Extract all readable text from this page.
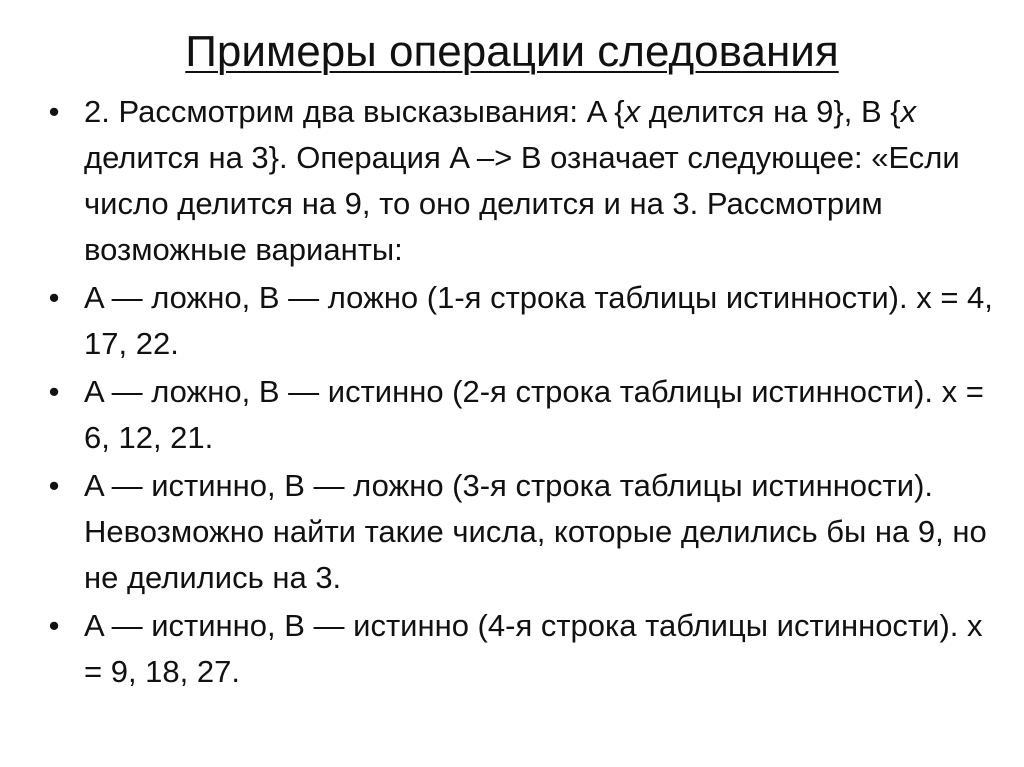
Примеры операции следования
• 2. Рассмотрим два высказывания: A {x делится на 9}, B {x делится на 3}. Операция A –> B означает следующее: «Если число делится на 9, то оно делится и на 3. Рассмотрим возможные варианты:
• A — ложно, B — ложно (1-я строка таблицы истинности). x = 4, 17, 22.
• A — ложно, B — истинно (2-я строка таблицы истинности). x = 6, 12, 21.
• A — истинно, B — ложно (3-я строка таблицы истинности). Невозможно найти такие числа, которые делились бы на 9, но не делились на 3.
• A — истинно, B — истинно (4-я строка таблицы истинности). x = 9, 18, 27.
